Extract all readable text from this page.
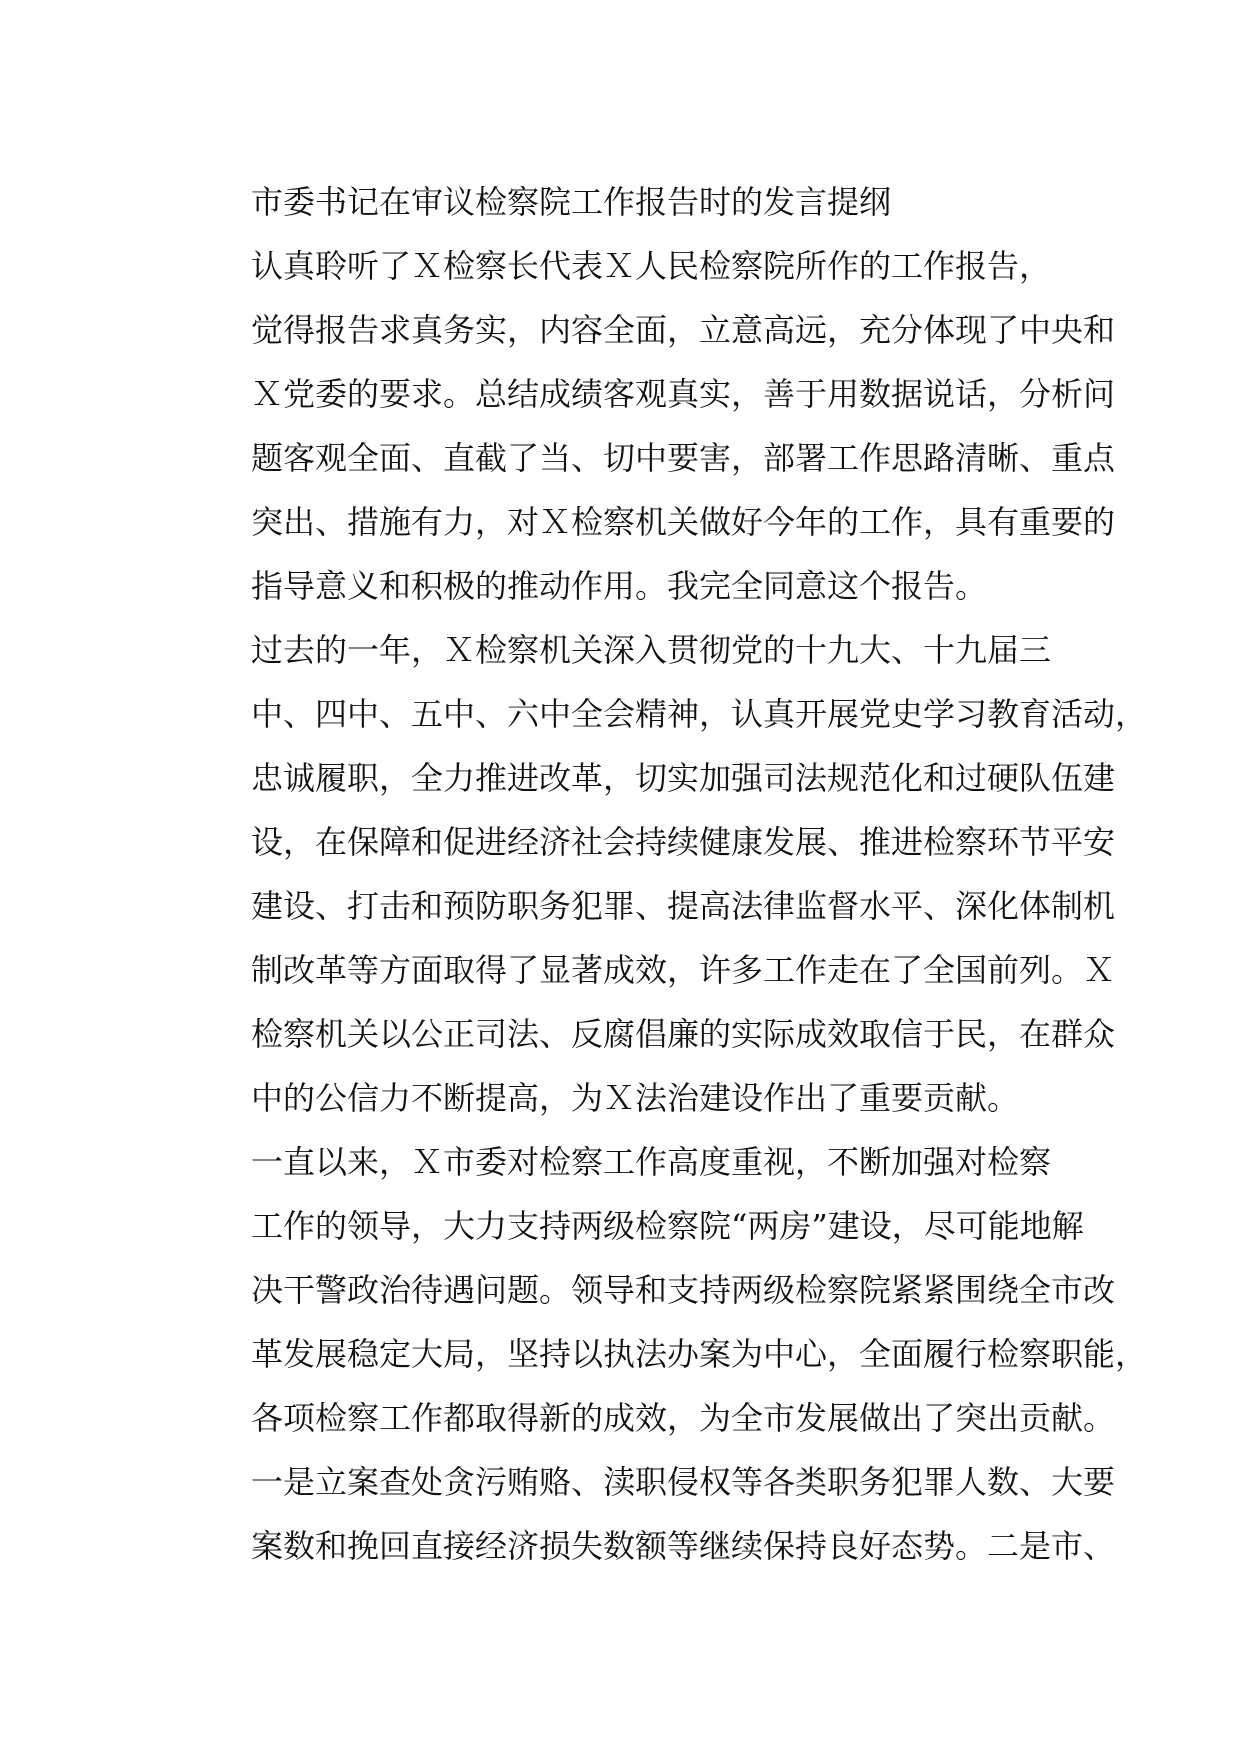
市委书记在审议检察院工作报告时的发言提纲

认真聆听了Ｘ检察长代表Ｘ人民检察院所作的工作报告，
觉得报告求真务实，内容全面，立意高远，充分体现了中央和
Ｘ党委的要求。总结成绩客观真实，善于用数据说话，分析问
题客观全面、直截了当、切中要害，部署工作思路清晰、重点
突出、措施有力，对Ｘ检察机关做好今年的工作，具有重要的
指导意义和积极的推动作用。我完全同意这个报告。

过去的一年，Ｘ检察机关深入贯彻党的十九大、十九届三
中、四中、五中、六中全会精神，认真开展党史学习教育活动，
忠诚履职，全力推进改革，切实加强司法规范化和过硬队伍建
设，在保障和促进经济社会持续健康发展、推进检察环节平安
建设、打击和预防职务犯罪、提高法律监督水平、深化体制机
制改革等方面取得了显著成效，许多工作走在了全国前列。Ｘ
检察机关以公正司法、反腐倡廉的实际成效取信于民，在群众
中的公信力不断提高，为Ｘ法治建设作出了重要贡献。

一直以来，Ｘ市委对检察工作高度重视，不断加强对检察
工作的领导，大力支持两级检察院“两房”建设，尽可能地解
决干警政治待遇问题。领导和支持两级检察院紧紧围绕全市改
革发展稳定大局，坚持以执法办案为中心，全面履行检察职能，
各项检察工作都取得新的成效，为全市发展做出了突出贡献。
一是立案查处贪污贿赂、渎职侵权等各类职务犯罪人数、大要
案数和挽回直接经济损失数额等继续保持良好态势。二是市、
